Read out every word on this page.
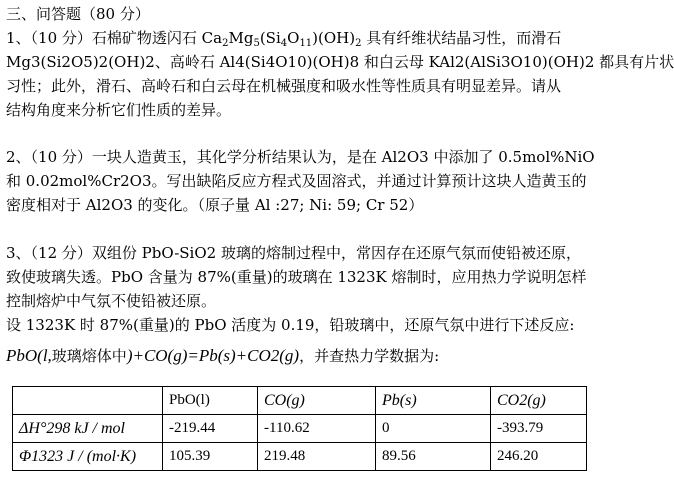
三、问答题（80 分）
1、（10 分）石棉矿物透闪石 $Ca_2Mg_5(Si_4O_{11})(OH)_2$ 具有纤维状结晶习性，而滑石
Mg3(Si2O5)2(OH)2、高岭石 Al4(Si4O10)(OH)8 和白云母 KAl2(AlSi3O10)(OH)2 都具有片状
习性；此外，滑石、高岭石和白云母在机械强度和吸水性等性质具有明显差异。请从
结构角度来分析它们性质的差异。
2、（10 分）一块人造黄玉，其化学分析结果认为，是在 Al2O3 中添加了 0.5mol%NiO
和 0.02mol%Cr2O3。写出缺陷反应方程式及固溶式，并通过计算预计这块人造黄玉的
密度相对于 Al2O3 的变化。（原子量 Al :27; Ni: 59; Cr 52）
3、（12 分）双组份 PbO-SiO2 玻璃的熔制过程中，常因存在还原气氛而使铅被还原，
致使玻璃失透。PbO 含量为 87%(重量)的玻璃在 1323K 熔制时，应用热力学说明怎样
控制熔炉中气氛不使铅被还原。
设 1323K 时 87%(重量)的 PbO 活度为 0.19，铅玻璃中，还原气氛中进行下述反应:
PbO(l,玻璃熔体中)+CO(g)=Pb(s)+CO2(g)，并查热力学数据为:
	PbO(l)	CO(g)	Pb(s)	CO2(g)
ΔH°298 kJ / mol	-219.44	-110.62	0	-393.79
Φ1323 J / (mol·K)	105.39	219.48	89.56	246.20
